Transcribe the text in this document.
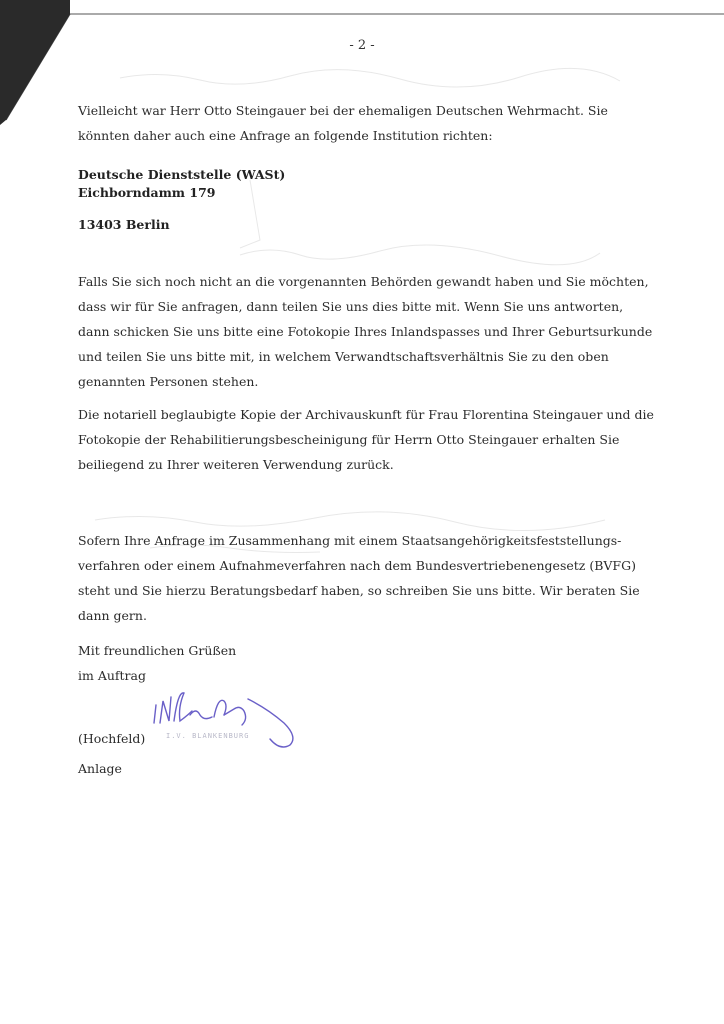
- 2 -
Vielleicht war Herr Otto Steingauer bei der ehemaligen Deutschen Wehrmacht. Sie könnten daher auch eine Anfrage an folgende Institution richten:
Deutsche Dienststelle (WASt)
Eichborndamm 179
13403 Berlin
Falls Sie sich noch nicht an die vorgenannten Behörden gewandt haben und Sie möchten, dass wir für Sie anfragen, dann teilen Sie uns dies bitte mit. Wenn Sie uns antworten, dann schicken Sie uns bitte eine Fotokopie Ihres Inlandspasses und Ihrer Geburtsurkunde und teilen Sie uns bitte mit, in welchem Verwandtschaftsverhältnis Sie zu den oben genannten Personen stehen.
Die notariell beglaubigte Kopie der Archivauskunft für Frau Florentina Steingauer und die Fotokopie der Rehabilitierungsbescheinigung für Herrn Otto Steingauer erhalten Sie beiliegend zu Ihrer weiteren Verwendung zurück.
Sofern Ihre Anfrage im Zusammenhang mit einem Staatsangehörigkeitsfeststellungs-verfahren oder einem Aufnahmeverfahren nach dem Bundesvertriebenengesetz (BVFG) steht und Sie hierzu Beratungsbedarf haben, so schreiben Sie uns bitte. Wir beraten Sie dann gern.
Mit freundlichen Grüßen
im Auftrag
I.V. BLANKENBURG
(Hochfeld)
Anlage
